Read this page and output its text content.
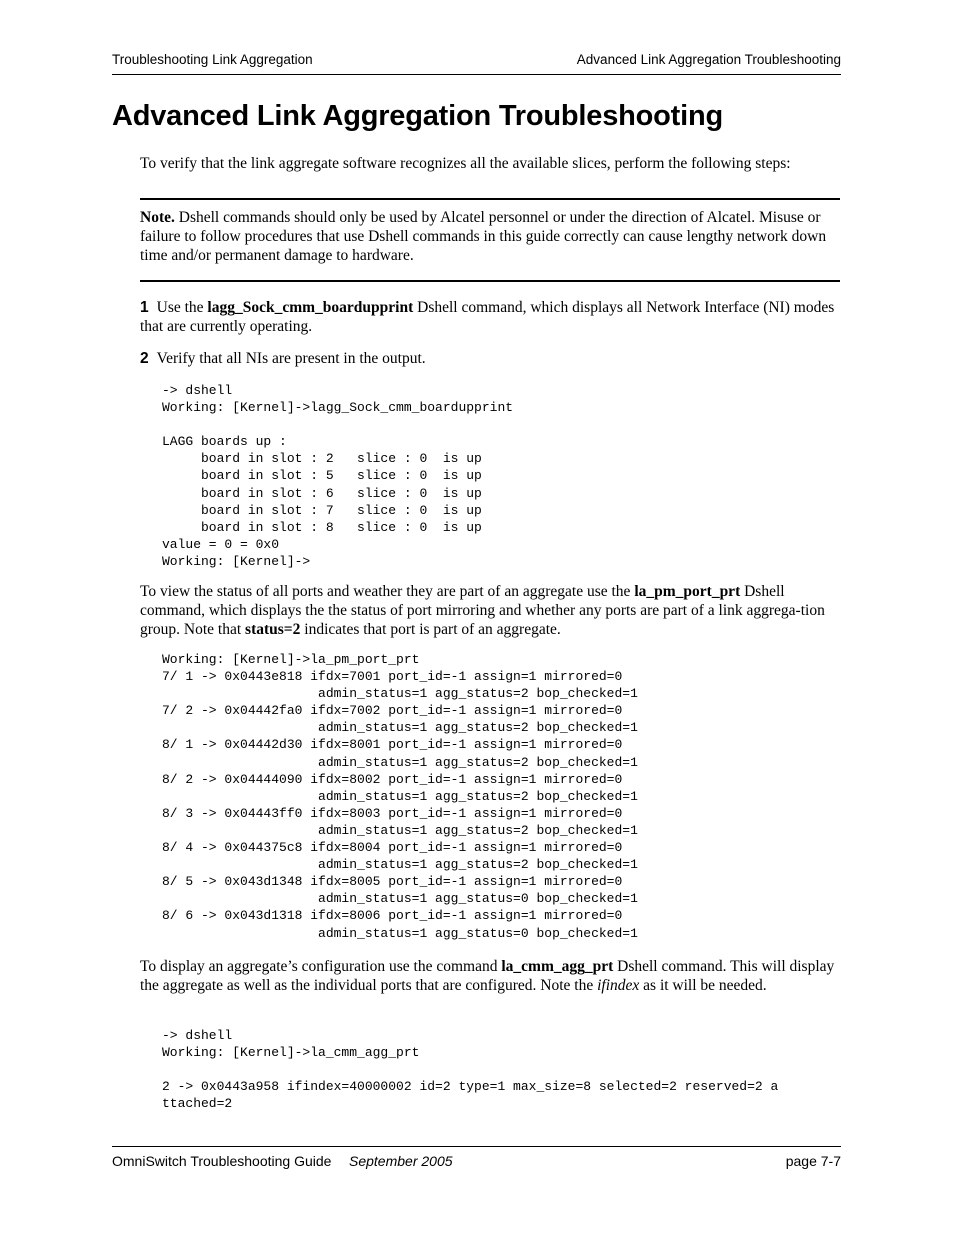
Troubleshooting Link Aggregation	Advanced Link Aggregation Troubleshooting
Advanced Link Aggregation Troubleshooting

To verify that the link aggregate software recognizes all the available slices, perform the following steps:

Note. Dshell commands should only be used by Alcatel personnel or under the direction of Alcatel. Misuse or failure to follow procedures that use Dshell commands in this guide correctly can cause lengthy network down time and/or permanent damage to hardware.

1 Use the lagg_Sock_cmm_boardupprint Dshell command, which displays all Network Interface (NI) modes that are currently operating.

2 Verify that all NIs are present in the output.

-> dshell
Working: [Kernel]->lagg_Sock_cmm_boardupprint

LAGG boards up :
board in slot : 2   slice : 0  is up
board in slot : 5   slice : 0  is up
board in slot : 6   slice : 0  is up
board in slot : 7   slice : 0  is up
board in slot : 8   slice : 0  is up
value = 0 = 0x0
Working: [Kernel]->

To view the status of all ports and weather they are part of an aggregate use the la_pm_port_prt Dshell command, which displays the the status of port mirroring and whether any ports are part of a link aggrega-tion group. Note that status=2 indicates that port is part of an aggregate.

Working: [Kernel]->la_pm_port_prt
7/ 1 -> 0x0443e818 ifdx=7001 port_id=-1 assign=1 mirrored=0
admin_status=1 agg_status=2 bop_checked=1
7/ 2 -> 0x04442fa0 ifdx=7002 port_id=-1 assign=1 mirrored=0
admin_status=1 agg_status=2 bop_checked=1
8/ 1 -> 0x04442d30 ifdx=8001 port_id=-1 assign=1 mirrored=0
admin_status=1 agg_status=2 bop_checked=1
8/ 2 -> 0x04444090 ifdx=8002 port_id=-1 assign=1 mirrored=0
admin_status=1 agg_status=2 bop_checked=1
8/ 3 -> 0x04443ff0 ifdx=8003 port_id=-1 assign=1 mirrored=0
admin_status=1 agg_status=2 bop_checked=1
8/ 4 -> 0x044375c8 ifdx=8004 port_id=-1 assign=1 mirrored=0
admin_status=1 agg_status=2 bop_checked=1
8/ 5 -> 0x043d1348 ifdx=8005 port_id=-1 assign=1 mirrored=0
admin_status=1 agg_status=0 bop_checked=1
8/ 6 -> 0x043d1318 ifdx=8006 port_id=-1 assign=1 mirrored=0
admin_status=1 agg_status=0 bop_checked=1

To display an aggregate’s configuration use the command la_cmm_agg_prt Dshell command. This will display the aggregate as well as the individual ports that are configured. Note the ifindex as it will be needed.

-> dshell
Working: [Kernel]->la_cmm_agg_prt

2 -> 0x0443a958 ifindex=40000002 id=2 type=1 max_size=8 selected=2 reserved=2 a
ttached=2
OmniSwitch Troubleshooting Guide September 2005	page 7-7
